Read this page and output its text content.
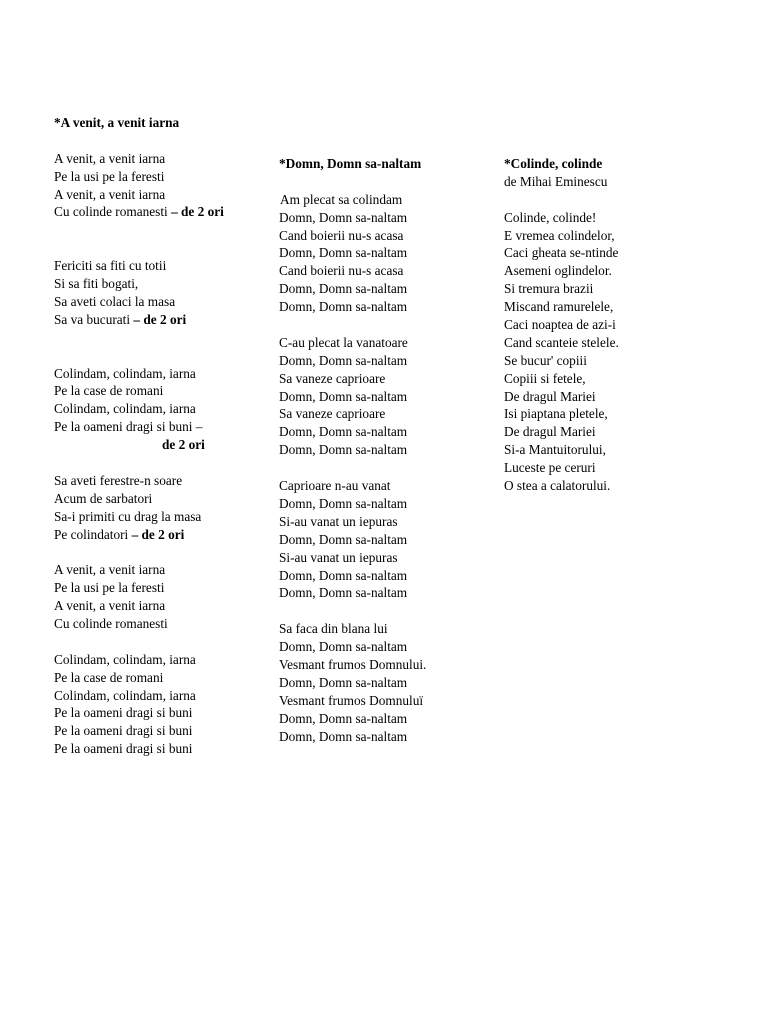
*A venit, a venit iarna
A venit, a venit iarna
Pe la usi pe la feresti
A venit, a venit iarna
Cu colinde romanesti – de 2 ori
Fericiti sa fiti cu totii
Si sa fiti bogati,
Sa aveti colaci la masa
Sa va bucurati – de 2 ori
Colindam, colindam, iarna
Pe la case de romani
Colindam, colindam, iarna
Pe la oameni dragi si buni –
de 2 ori
Sa aveti ferestre-n soare
Acum de sarbatori
Sa-i primiti cu drag la masa
Pe colindatori – de 2 ori
A venit, a venit iarna
Pe la usi pe la feresti
A venit, a venit iarna
Cu colinde romanesti
Colindam, colindam, iarna
Pe la case de romani
Colindam, colindam, iarna
Pe la oameni dragi si buni
Pe la oameni dragi si buni
Pe la oameni dragi si buni
*Domn, Domn sa-naltam
Am plecat sa colindam
Domn, Domn sa-naltam
Cand boierii nu-s acasa
Domn, Domn sa-naltam
Cand boierii nu-s acasa
Domn, Domn sa-naltam
Domn, Domn sa-naltam
C-au plecat la vanatoare
Domn, Domn sa-naltam
Sa vaneze caprioare
Domn, Domn sa-naltam
Sa vaneze caprioare
Domn, Domn sa-naltam
Domn, Domn sa-naltam
Caprioare n-au vanat
Domn, Domn sa-naltam
Si-au vanat un iepuras
Domn, Domn sa-naltam
Si-au vanat un iepuras
Domn, Domn sa-naltam
Domn, Domn sa-naltam
Sa faca din blana lui
Domn, Domn sa-naltam
Vesmant frumos Domnului.
Domn, Domn sa-naltam
Vesmant frumos Domnuluï
Domn, Domn sa-naltam
Domn, Domn sa-naltam
*Colinde, colinde
de Mihai Eminescu
Colinde, colinde!
E vremea colindelor,
Caci gheata se-ntinde
Asemeni oglindelor.
Si tremura brazii
Miscand ramurelele,
Caci noaptea de azi-i
Cand scanteie stelele.
Se bucur' copiii
Copiii si fetele,
De dragul Mariei
Isi piaptana pletele,
De dragul Mariei
Si-a Mantuitorului,
Luceste pe ceruri
O stea a calatorului.
